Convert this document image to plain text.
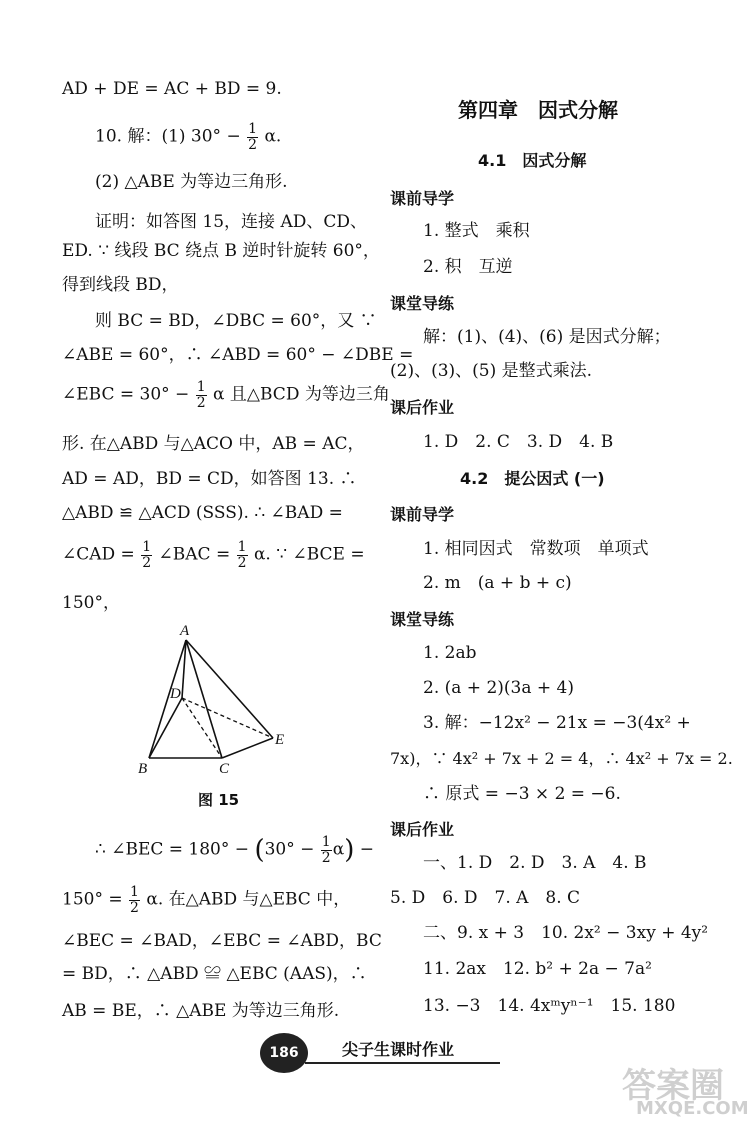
AD + DE = AC + BD = 9.
10. 解：(1) $30^\circ - \frac{1}{2} \alpha$.
(2) △ABE 为等边三角形.
证明：如答图 15，连接 AD、CD、
ED. ∵ 线段 BC 绕点 B 逆时针旋转 60°，
得到线段 BD，
则 BC = BD，∠DBC = 60°，又 ∵
∠ABE = 60°，∴ ∠ABD = 60° − ∠DBE =
∠EBC = $30^\circ - \frac{1}{2}$ α 且△BCD 为等边三角
形. 在△ABD 与△ACO 中，AB = AC，
AD = AD，BD = CD，如答图 13. ∴
△ABD ≌ △ACD (SSS). ∴ ∠BAD =
∠CAD = $\frac{1}{2}$ ∠BAC = $\frac{1}{2} \alpha$. ∵ ∠BCE =
150°，
A
B	C
D
E
图 15
∴ ∠BEC = $180^\circ - (30^\circ - \frac{1}{2} \alpha)$ −
$150^\circ = \frac{1}{2} \alpha$. 在△ABD 与△EBC 中，
∠BEC = ∠BAD，∠EBC = ∠ABD，BC
= BD，∴ △ABD ≌ △EBC (AAS)，∴
AB = BE，∴ △ABE 为等边三角形.
第四章　因式分解
4.1　因式分解
课前导学
1. 整式　乘积
2. 积　互逆
课堂导练
解：(1)、(4)、(6) 是因式分解；
(2)、(3)、(5) 是整式乘法.
课后作业
1. D　2. C　3. D　4. B
4.2　提公因式 (一)
课前导学
1. 相同因式　常数项　单项式
2. m　(a + b + c)
课堂导练
1. 2ab
2. (a + 2)(3a + 4)
3. 解：−12x² − 21x = −3(4x² +
7x)，∵ 4x² + 7x + 2 = 4，∴ 4x² + 7x = 2.
∴ 原式 = −3 × 2 = −6.
课后作业
一、1. D　2. D　3. A　4. B
5. D　6. D　7. A　8. C
二、9. x + 3　10. 2x² − 3xy + 4y²
11. 2ax　12. b² + 2a − 7a²
13. −3　14. 4xᵐyⁿ⁻¹　15. 180
186	尖子生课时作业
答案圈
MXQE.COM
